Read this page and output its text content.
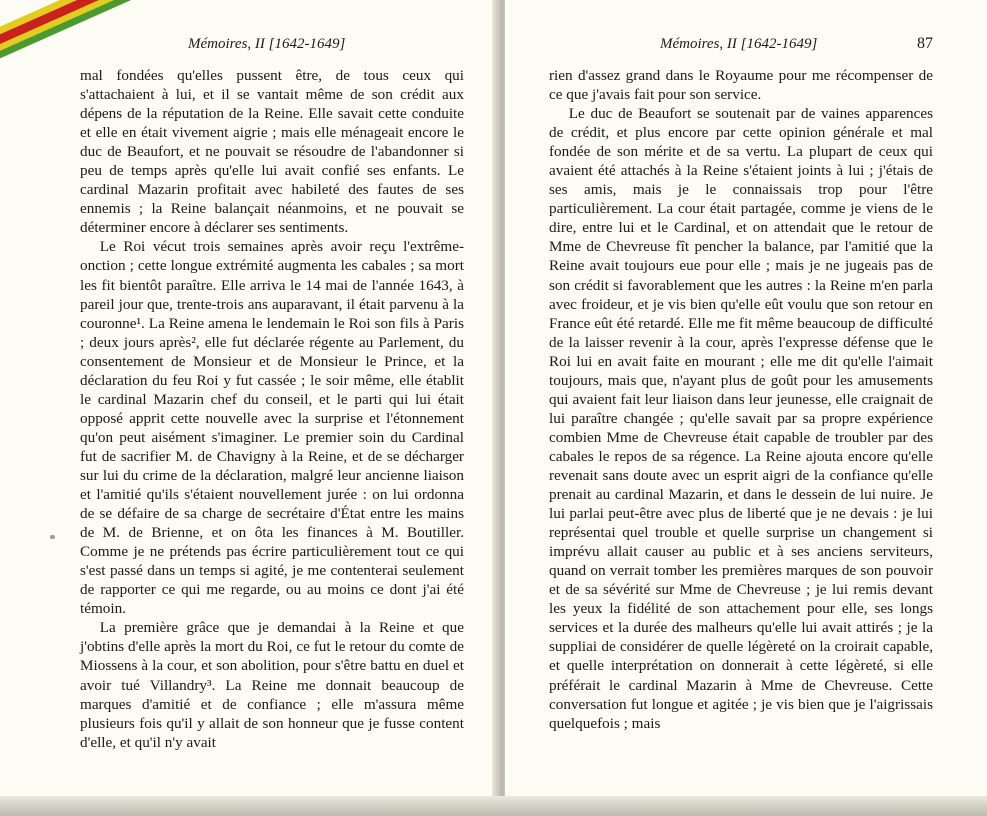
Mémoires, II [1642-1649]

mal fondées qu'elles pussent être, de tous ceux qui s'attachaient à lui, et il se vantait même de son crédit aux dépens de la réputation de la Reine. Elle savait cette conduite et elle en était vivement aigrie ; mais elle ménageait encore le duc de Beaufort, et ne pouvait se résoudre de l'abandonner si peu de temps après qu'elle lui avait confié ses enfants. Le cardinal Mazarin profitait avec habileté des fautes de ses ennemis ; la Reine balançait néanmoins, et ne pouvait se déterminer encore à déclarer ses sentiments.

Le Roi vécut trois semaines après avoir reçu l'extrême-onction ; cette longue extrémité augmenta les cabales ; sa mort les fit bientôt paraître. Elle arriva le 14 mai de l'année 1643, à pareil jour que, trente-trois ans auparavant, il était parvenu à la couronne¹. La Reine amena le lendemain le Roi son fils à Paris ; deux jours après², elle fut déclarée régente au Parlement, du consentement de Monsieur et de Monsieur le Prince, et la déclaration du feu Roi y fut cassée ; le soir même, elle établit le cardinal Mazarin chef du conseil, et le parti qui lui était opposé apprit cette nouvelle avec la surprise et l'étonnement qu'on peut aisément s'imaginer. Le premier soin du Cardinal fut de sacrifier M. de Chavigny à la Reine, et de se décharger sur lui du crime de la déclaration, malgré leur ancienne liaison et l'amitié qu'ils s'étaient nouvellement jurée : on lui ordonna de se défaire de sa charge de secrétaire d'État entre les mains de M. de Brienne, et on ôta les finances à M. Boutiller. Comme je ne prétends pas écrire particulièrement tout ce qui s'est passé dans un temps si agité, je me contenterai seulement de rapporter ce qui me regarde, ou au moins ce dont j'ai été témoin.

La première grâce que je demandai à la Reine et que j'obtins d'elle après la mort du Roi, ce fut le retour du comte de Miossens à la cour, et son abolition, pour s'être battu en duel et avoir tué Villandry³. La Reine me donnait beaucoup de marques d'amitié et de confiance ; elle m'assura même plusieurs fois qu'il y allait de son honneur que je fusse content d'elle, et qu'il n'y avait

Mémoires, II [1642-1649]	87

rien d'assez grand dans le Royaume pour me récompenser de ce que j'avais fait pour son service.

Le duc de Beaufort se soutenait par de vaines apparences de crédit, et plus encore par cette opinion générale et mal fondée de son mérite et de sa vertu. La plupart de ceux qui avaient été attachés à la Reine s'étaient joints à lui ; j'étais de ses amis, mais je le connaissais trop pour l'être particulièrement. La cour était partagée, comme je viens de le dire, entre lui et le Cardinal, et on attendait que le retour de Mme de Chevreuse fît pencher la balance, par l'amitié que la Reine avait toujours eue pour elle ; mais je ne jugeais pas de son crédit si favorablement que les autres : la Reine m'en parla avec froideur, et je vis bien qu'elle eût voulu que son retour en France eût été retardé. Elle me fit même beaucoup de difficulté de la laisser revenir à la cour, après l'expresse défense que le Roi lui en avait faite en mourant ; elle me dit qu'elle l'aimait toujours, mais que, n'ayant plus de goût pour les amusements qui avaient fait leur liaison dans leur jeunesse, elle craignait de lui paraître changée ; qu'elle savait par sa propre expérience combien Mme de Chevreuse était capable de troubler par des cabales le repos de sa régence. La Reine ajouta encore qu'elle revenait sans doute avec un esprit aigri de la confiance qu'elle prenait au cardinal Mazarin, et dans le dessein de lui nuire. Je lui parlai peut-être avec plus de liberté que je ne devais : je lui représentai quel trouble et quelle surprise un changement si imprévu allait causer au public et à ses anciens serviteurs, quand on verrait tomber les premières marques de son pouvoir et de sa sévérité sur Mme de Chevreuse ; je lui remis devant les yeux la fidélité de son attachement pour elle, ses longs services et la durée des malheurs qu'elle lui avait attirés ; je la suppliai de considérer de quelle légèreté on la croirait capable, et quelle interprétation on donnerait à cette légèreté, si elle préférait le cardinal Mazarin à Mme de Chevreuse. Cette conversation fut longue et agitée ; je vis bien que je l'aigrissais quelquefois ; mais
